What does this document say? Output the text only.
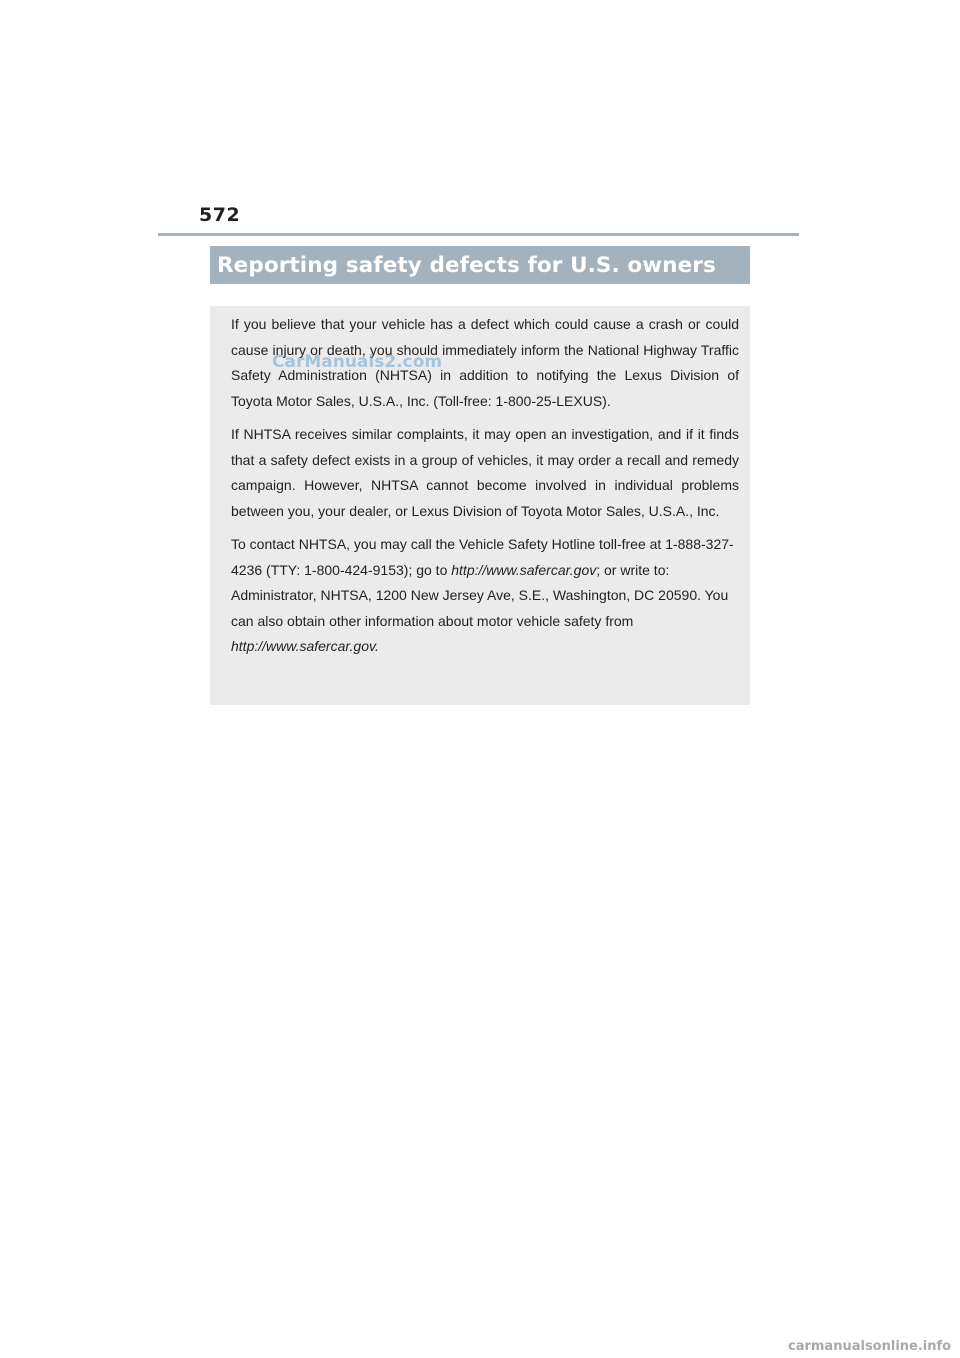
572
Reporting safety defects for U.S. owners

If you believe that your vehicle has a defect which could cause a crash or could cause injury or death, you should immediately inform the National Highway Traffic Safety Administration (NHTSA) in addition to notifying the Lexus Division of Toyota Motor Sales, U.S.A., Inc. (Toll-free: 1-800-25-LEXUS).

If NHTSA receives similar complaints, it may open an investigation, and if it finds that a safety defect exists in a group of vehicles, it may order a recall and remedy campaign. However, NHTSA cannot become involved in individual problems between you, your dealer, or Lexus Division of Toyota Motor Sales, U.S.A., Inc.

To contact NHTSA, you may call the Vehicle Safety Hotline toll-free at 1-888-327-4236 (TTY: 1-800-424-9153); go to http://www.safercar.gov; or write to: Administrator, NHTSA, 1200 New Jersey Ave, S.E., Washington, DC 20590. You can also obtain other information about motor vehicle safety from http://www.safercar.gov.

CarManuals2.com
carmanualsonline.info
